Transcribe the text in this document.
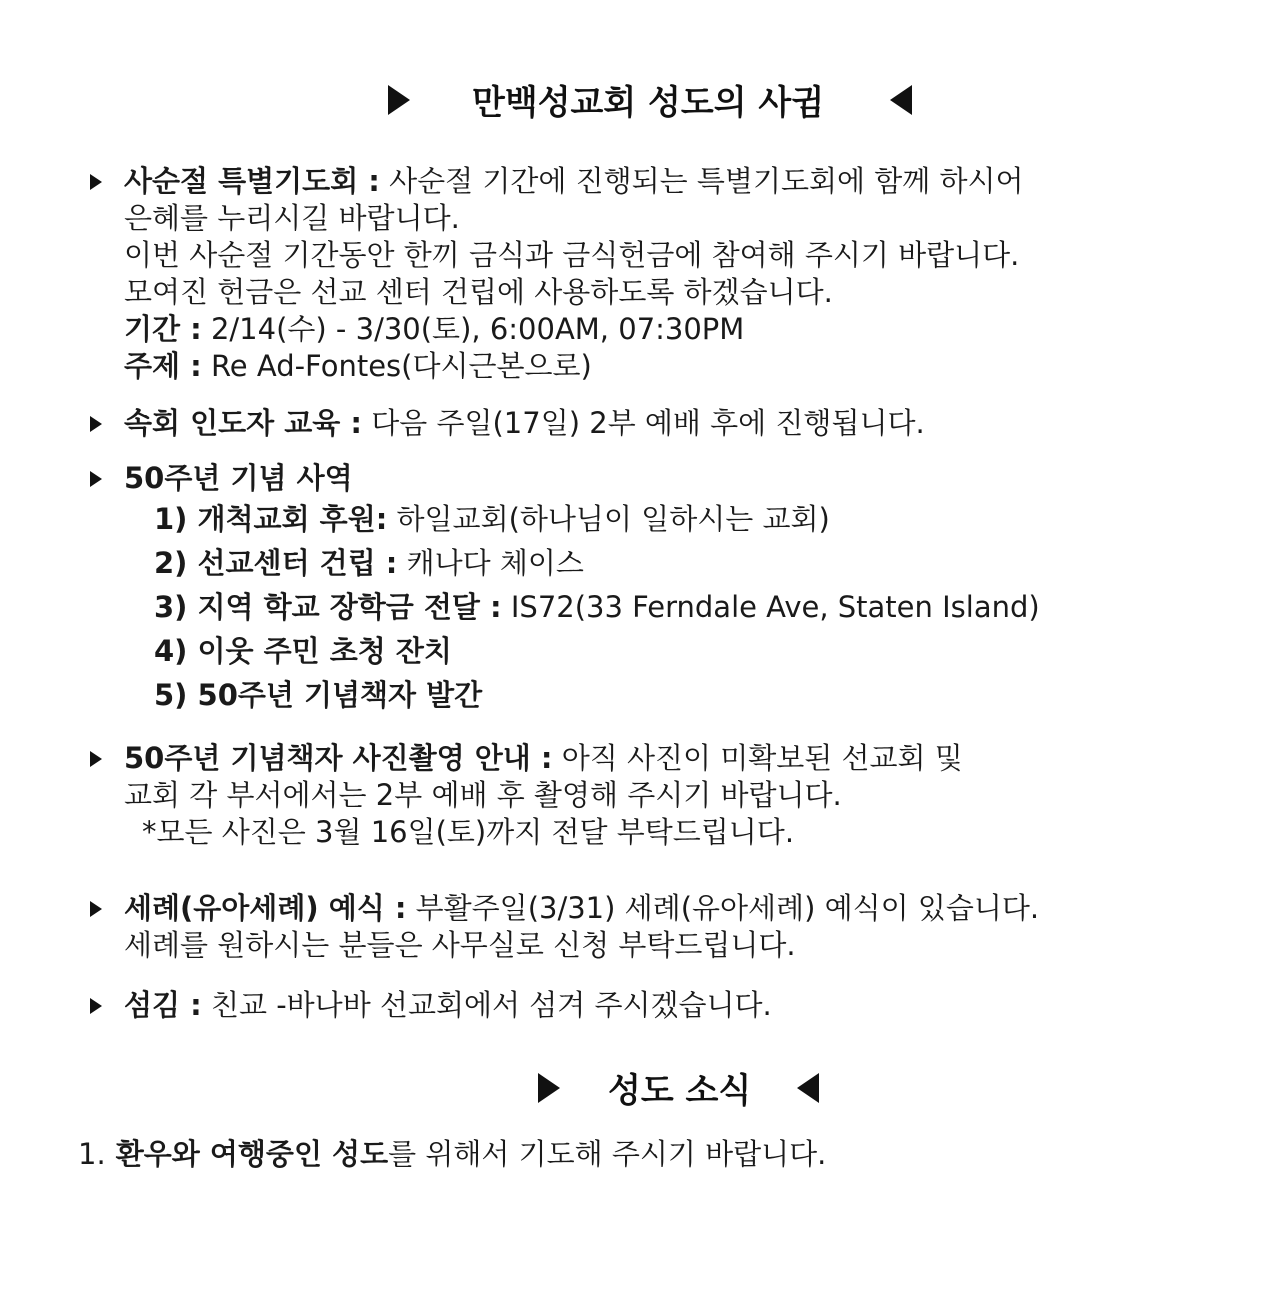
만백성교회 성도의 사귐
사순절 특별기도회 : 사순절 기간에 진행되는 특별기도회에 함께 하시어
은혜를 누리시길 바랍니다.
이번 사순절 기간동안 한끼 금식과 금식헌금에 참여해 주시기 바랍니다.
모여진 헌금은 선교 센터 건립에 사용하도록 하겠습니다.
기간 : 2/14(수) - 3/30(토), 6:00AM, 07:30PM
주제 : Re Ad-Fontes(다시근본으로)
속회 인도자 교육 : 다음 주일(17일) 2부 예배 후에 진행됩니다.
50주년 기념 사역
1) 개척교회 후원: 하일교회(하나님이 일하시는 교회)
2) 선교센터 건립 : 캐나다 체이스
3) 지역 학교 장학금 전달 : IS72(33 Ferndale Ave, Staten Island)
4) 이웃 주민 초청 잔치
5) 50주년 기념책자 발간
50주년 기념책자 사진촬영 안내 : 아직 사진이 미확보된 선교회 및
교회 각 부서에서는 2부 예배 후 촬영해 주시기 바랍니다.
*모든 사진은 3월 16일(토)까지 전달 부탁드립니다.
세례(유아세례) 예식 : 부활주일(3/31) 세례(유아세례) 예식이 있습니다.
세례를 원하시는 분들은 사무실로 신청 부탁드립니다.
섬김 : 친교 -바나바 선교회에서 섬겨 주시겠습니다.
성도 소식
1. 환우와 여행중인 성도를 위해서 기도해 주시기 바랍니다.
